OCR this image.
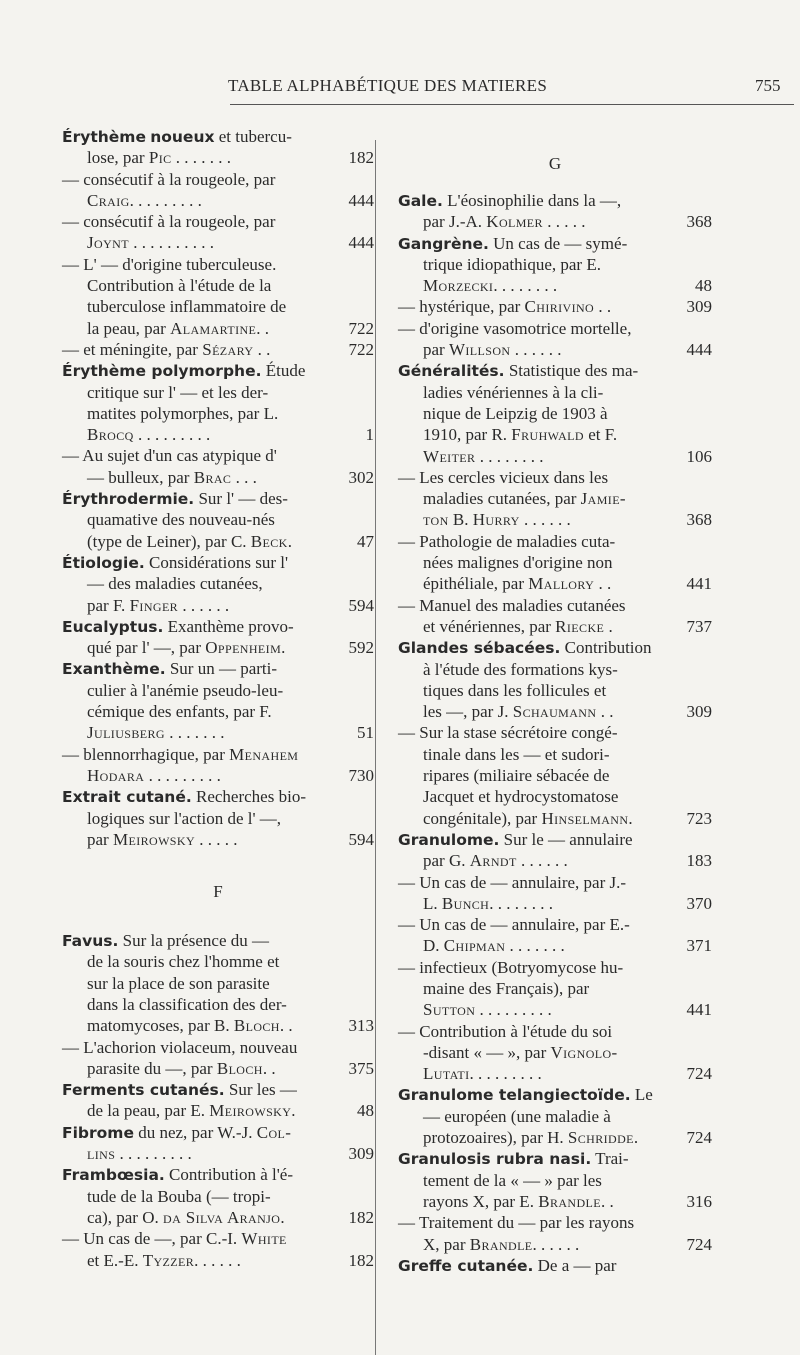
TABLE ALPHABÉTIQUE DES MATIERES	755
Érythème noueux et tubercu-
lose, par Pic . . . . . . .	182
— consécutif à la rougeole, par
Craig. . . . . . . . .	444
— consécutif à la rougeole, par
Joynt . . . . . . . . . .	444
— L' — d'origine tuberculeuse.
Contribution à l'étude de la
tuberculose inflammatoire de
la peau, par Alamartine. .	722
— et méningite, par Sézary . .	722
Érythème polymorphe. Étude
critique sur l' — et les der-
matites polymorphes, par L.
Brocq . . . . . . . . .	1
— Au sujet d'un cas atypique d'
— bulleux, par Brac . . .	302
Érythrodermie. Sur l' — des-
quamative des nouveau-nés
(type de Leiner), par C. Beck.	47
Étiologie. Considérations sur l'
— des maladies cutanées,
par F. Finger . . . . . .	594
Eucalyptus. Exanthème provo-
qué par l' —, par Oppenheim.	592
Exanthème. Sur un — parti-
culier à l'anémie pseudo-leu-
cémique des enfants, par F.
Juliusberg . . . . . . .	51
— blennorrhagique, par Menahem
Hodara . . . . . . . . .	730
Extrait cutané. Recherches bio-
logiques sur l'action de l' —,
par Meirowsky . . . . .	594
F
Favus. Sur la présence du —
de la souris chez l'homme et
sur la place de son parasite
dans la classification des der-
matomycoses, par B. Bloch. .	313
— L'achorion violaceum, nouveau
parasite du —, par Bloch. .	375
Ferments cutanés. Sur les —
de la peau, par E. Meirowsky.	48
Fibrome du nez, par W.-J. Col-
lins . . . . . . . . .	309
Frambœsia. Contribution à l'é-
tude de la Bouba (— tropi-
ca), par O. da Silva Aranjo.	182
— Un cas de —, par C.-I. White
et E.-E. Tyzzer. . . . . .	182
G
Gale. L'éosinophilie dans la —,
par J.-A. Kolmer . . . . .	368
Gangrène. Un cas de — symé-
trique idiopathique, par E.
Morzecki. . . . . . . .	48
— hystérique, par Chirivino . .	309
— d'origine vasomotrice mortelle,
par Willson . . . . . .	444
Généralités. Statistique des ma-
ladies vénériennes à la cli-
nique de Leipzig de 1903 à
1910, par R. Fruhwald et F.
Weiter . . . . . . . .	106
— Les cercles vicieux dans les
maladies cutanées, par Jamie-
ton B. Hurry . . . . . .	368
— Pathologie de maladies cuta-
nées malignes d'origine non
épithéliale, par Mallory . .	441
— Manuel des maladies cutanées
et vénériennes, par Riecke .	737
Glandes sébacées. Contribution
à l'étude des formations kys-
tiques dans les follicules et
les —, par J. Schaumann . .	309
— Sur la stase sécrétoire congé-
tinale dans les — et sudori-
ripares (miliaire sébacée de
Jacquet et hydrocystomatose
congénitale), par Hinselmann.	723
Granulome. Sur le — annulaire
par G. Arndt . . . . . .	183
— Un cas de — annulaire, par J.-
L. Bunch. . . . . . . .	370
— Un cas de — annulaire, par E.-
D. Chipman . . . . . . .	371
— infectieux (Botryomycose hu-
maine des Français), par
Sutton . . . . . . . . .	441
— Contribution à l'étude du soi
-disant « — », par Vignolo-
Lutati. . . . . . . . .	724
Granulome telangiectoïde. Le
— européen (une maladie à
protozoaires), par H. Schridde.	724
Granulosis rubra nasi. Trai-
tement de la « — » par les
rayons X, par E. Brandle. .	316
— Traitement du — par les rayons
X, par Brandle. . . . . .	724
Greffe cutanée. De a — par
